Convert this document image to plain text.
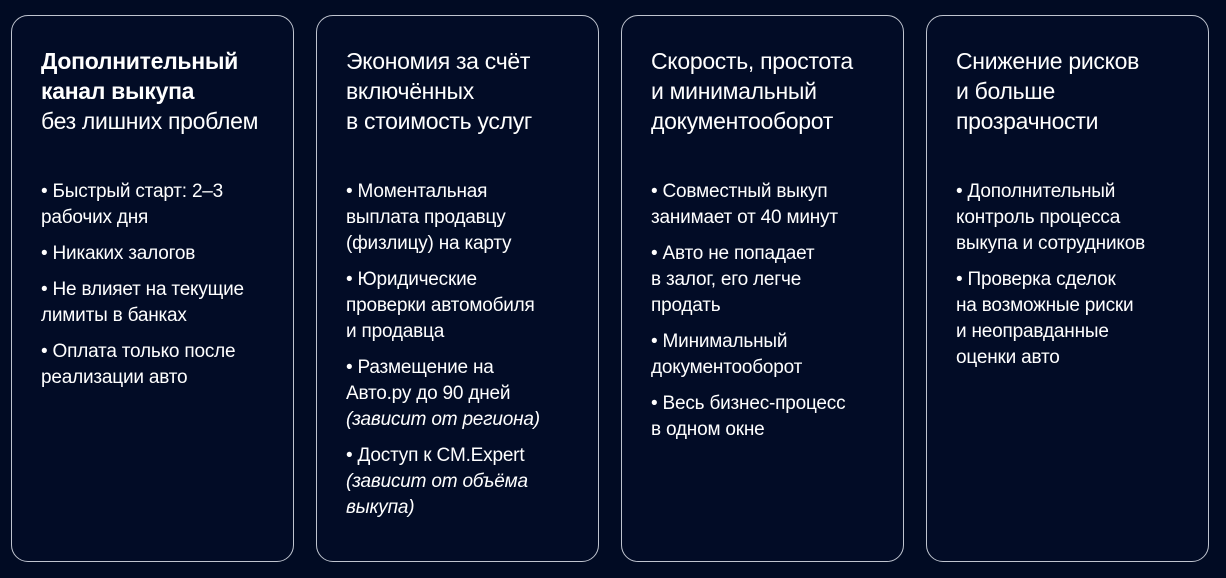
Дополнительный
канал выкупа
без лишних проблем
• Быстрый старт: 2–3
рабочих дня
• Никаких залогов
• Не влияет на текущие
лимиты в банках
• Оплата только после
реализации авто
Экономия за счёт
включённых
в стоимость услуг
• Моментальная
выплата продавцу
(физлицу) на карту
• Юридические
проверки автомобиля
и продавца
• Размещение на
Авто.ру до 90 дней
(зависит от региона)
• Доступ к CM.Expert
(зависит от объёма
выкупа)
Скорость, простота
и минимальный
документооборот
• Совместный выкуп
занимает от 40 минут
• Авто не попадает
в залог, его легче
продать
• Минимальный
документооборот
• Весь бизнес-процесс
в одном окне
Снижение рисков
и больше
прозрачности
• Дополнительный
контроль процесса
выкупа и сотрудников
• Проверка сделок
на возможные риски
и неоправданные
оценки авто
